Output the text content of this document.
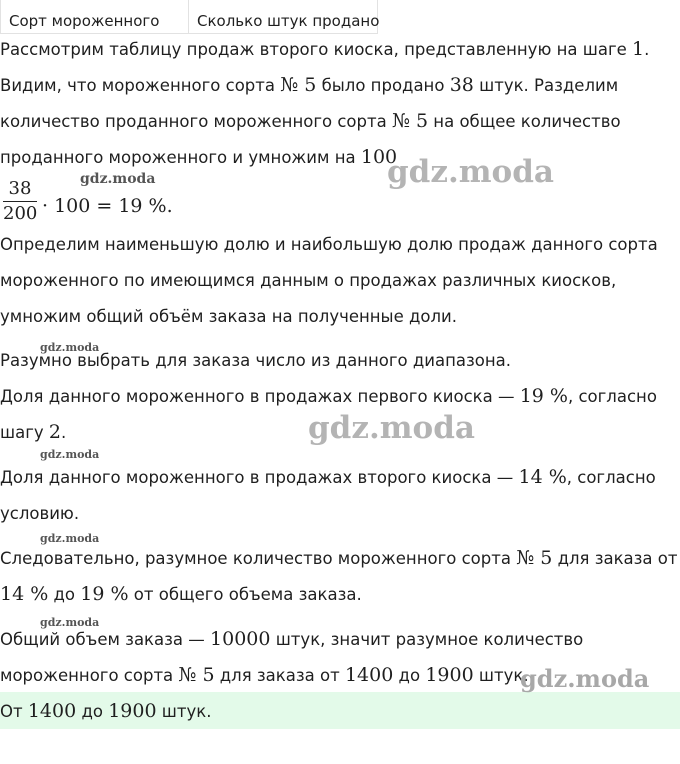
Сорт мороженного	Сколько штук продано
Рассмотрим таблицу продаж второго киоска, представленную на шаге 1.
Видим, что мороженного сорта № 5 было продано 38 штук. Разделим
количество проданного мороженного сорта № 5 на общее количество
проданного мороженного и умножим на 100
38
200 · 100 = 19 %.
Определим наименьшую долю и наибольшую долю продаж данного сорта
мороженного по имеющимся данным о продажах различных киосков,
умножим общий объём заказа на полученные доли.
Разумно выбрать для заказа число из данного диапазона.
Доля данного мороженного в продажах первого киоска — 19 %, согласно
шагу 2.
Доля данного мороженного в продажах второго киоска — 14 %, согласно
условию.
Следовательно, разумное количество мороженного сорта № 5 для заказа от
14 % до 19 % от общего объема заказа.
Общий объем заказа — 10000 штук, значит разумное количество
мороженного сорта № 5 для заказа от 1400 до 1900 штук.
От 1400 до 1900 штук.
gdz.moda
gdz.moda
gdz.moda
gdz.moda
gdz.moda
gdz.moda
gdz.moda
gdz.moda
